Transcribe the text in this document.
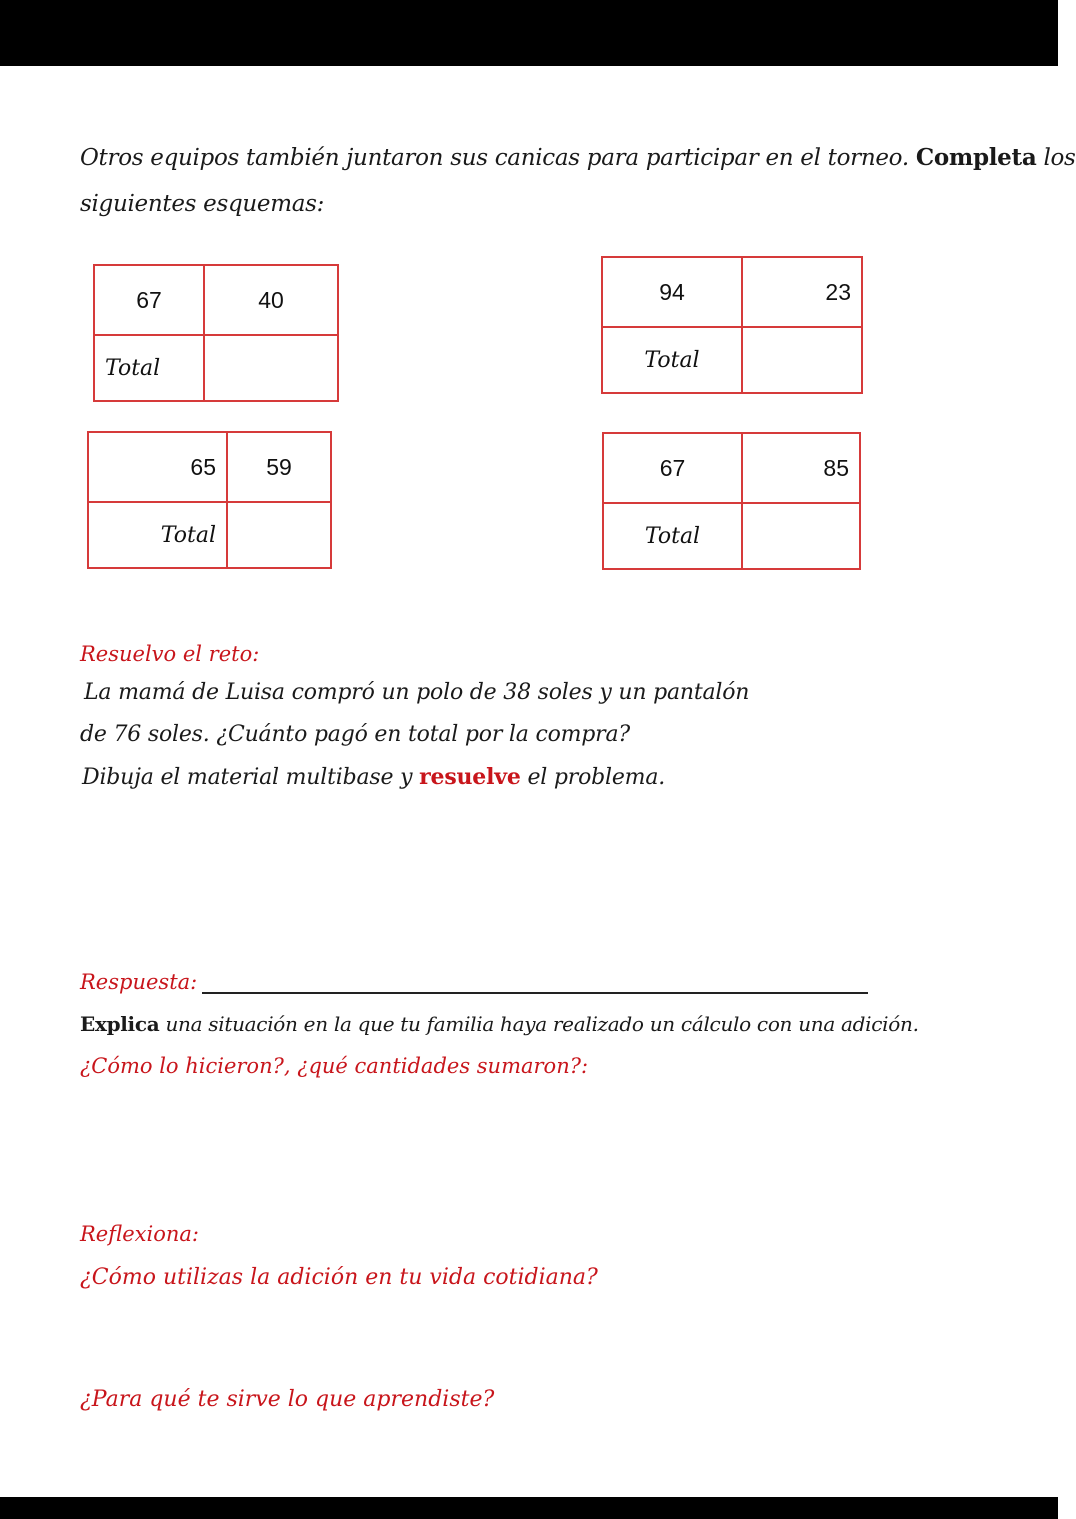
Otros equipos también juntaron sus canicas para participar en el torneo. Completa los
siguientes esquemas:
67	40
Total	
94	23
Total	
65	59
Total	
67	85
Total	
Resuelvo el reto:
La mamá de Luisa compró un polo de 38 soles y un pantalón
de 76 soles. ¿Cuánto pagó en total por la compra?
Dibuja el material multibase y resuelve el problema.
Respuesta:
Explica una situación en la que tu familia haya realizado un cálculo con una adición.
¿Cómo lo hicieron?, ¿qué cantidades sumaron?:
Reflexiona:
¿Cómo utilizas la adición en tu vida cotidiana?
¿Para qué te sirve lo que aprendiste?
